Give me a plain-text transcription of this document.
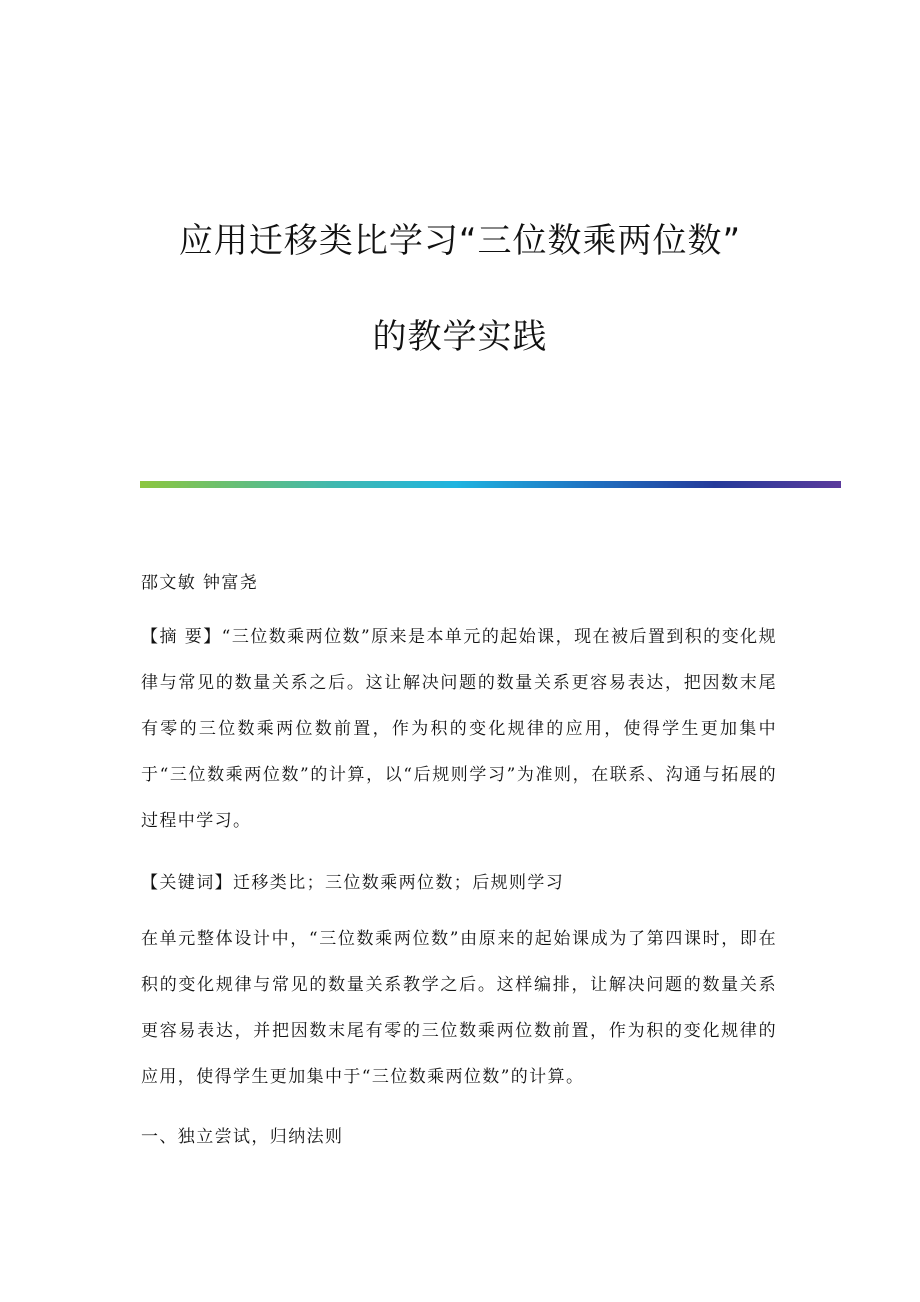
应用迁移类比学习“三位数乘两位数”
的教学实践
邵文敏 钟富尧
【摘 要】“三位数乘两位数”原来是本单元的起始课，现在被后置到积的变化规律与常见的数量关系之后。这让解决问题的数量关系更容易表达，把因数末尾有零的三位数乘两位数前置，作为积的变化规律的应用，使得学生更加集中于“三位数乘两位数”的计算，以“后规则学习”为准则，在联系、沟通与拓展的过程中学习。
【关键词】迁移类比；三位数乘两位数；后规则学习
在单元整体设计中，“三位数乘两位数”由原来的起始课成为了第四课时，即在积的变化规律与常见的数量关系教学之后。这样编排，让解决问题的数量关系更容易表达，并把因数末尾有零的三位数乘两位数前置，作为积的变化规律的应用，使得学生更加集中于“三位数乘两位数”的计算。
一、独立尝试，归纳法则
